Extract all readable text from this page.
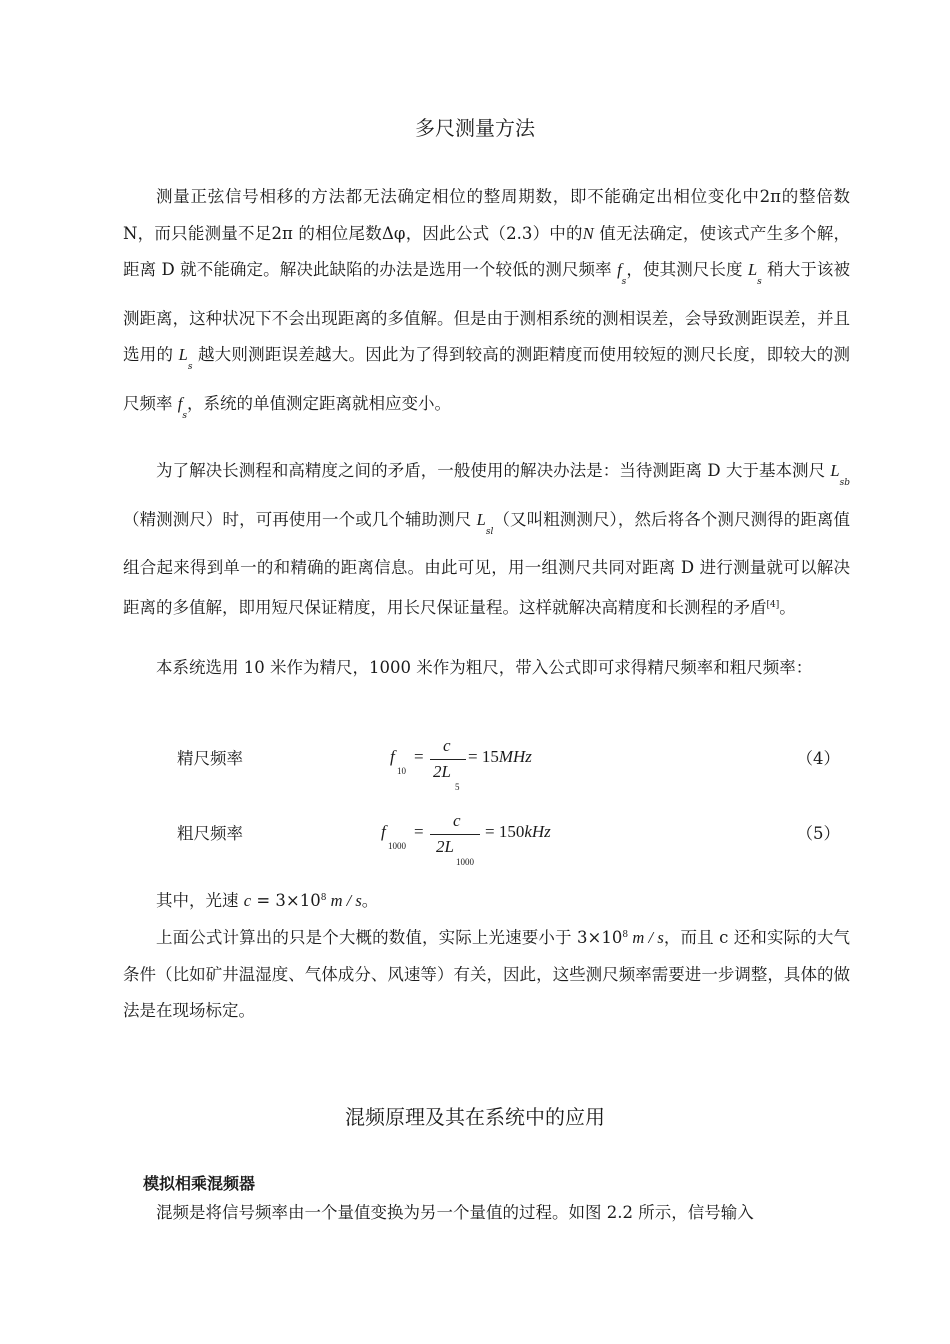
多尺测量方法

测量正弦信号相移的方法都无法确定相位的整周期数，即不能确定出相位变化中2π的整倍数N，而只能测量不足2π 的相位尾数Δφ，因此公式（2.3）中的N 值无法确定，使该式产生多个解，距离 D 就不能确定。解决此缺陷的办法是选用一个较低的测尺频率 $f_s$，使其测尺长度 $L_s$ 稍大于该被测距离，这种状况下不会出现距离的多值解。但是由于测相系统的测相误差，会导致测距误差，并且选用的 $L_s$ 越大则测距误差越大。因此为了得到较高的测距精度而使用较短的测尺长度，即较大的测尺频率 $f_s$，系统的单值测定距离就相应变小。

为了解决长测程和高精度之间的矛盾，一般使用的解决办法是：当待测距离 D 大于基本测尺 $L_{sb}$（精测测尺）时，可再使用一个或几个辅助测尺 $L_{sl}$（又叫粗测测尺），然后将各个测尺测得的距离值组合起来得到单一的和精确的距离信息。由此可见，用一组测尺共同对距离 D 进行测量就可以解决距离的多值解，即用短尺保证精度，用长尺保证量程。这样就解决高精度和长测程的矛盾[4]。

本系统选用 10 米作为精尺，1000 米作为粗尺，带入公式即可求得精尺频率和粗尺频率：

精尺频率	f
10
=
c
2L
5
= 15MHz	（4）
粗尺频率	f
1000
=
c
2L
1000
= 150kHz	（5）

其中，光速 $c = 3\times 10^8$ m / s。

上面公式计算出的只是个大概的数值，实际上光速要小于 $3\times 10^8$ m / s，而且 c 还和实际的大气条件（比如矿井温湿度、气体成分、风速等）有关，因此，这些测尺频率需要进一步调整，具体的做法是在现场标定。

混频原理及其在系统中的应用
模拟相乘混频器

混频是将信号频率由一个量值变换为另一个量值的过程。如图 2.2 所示，信号输入
